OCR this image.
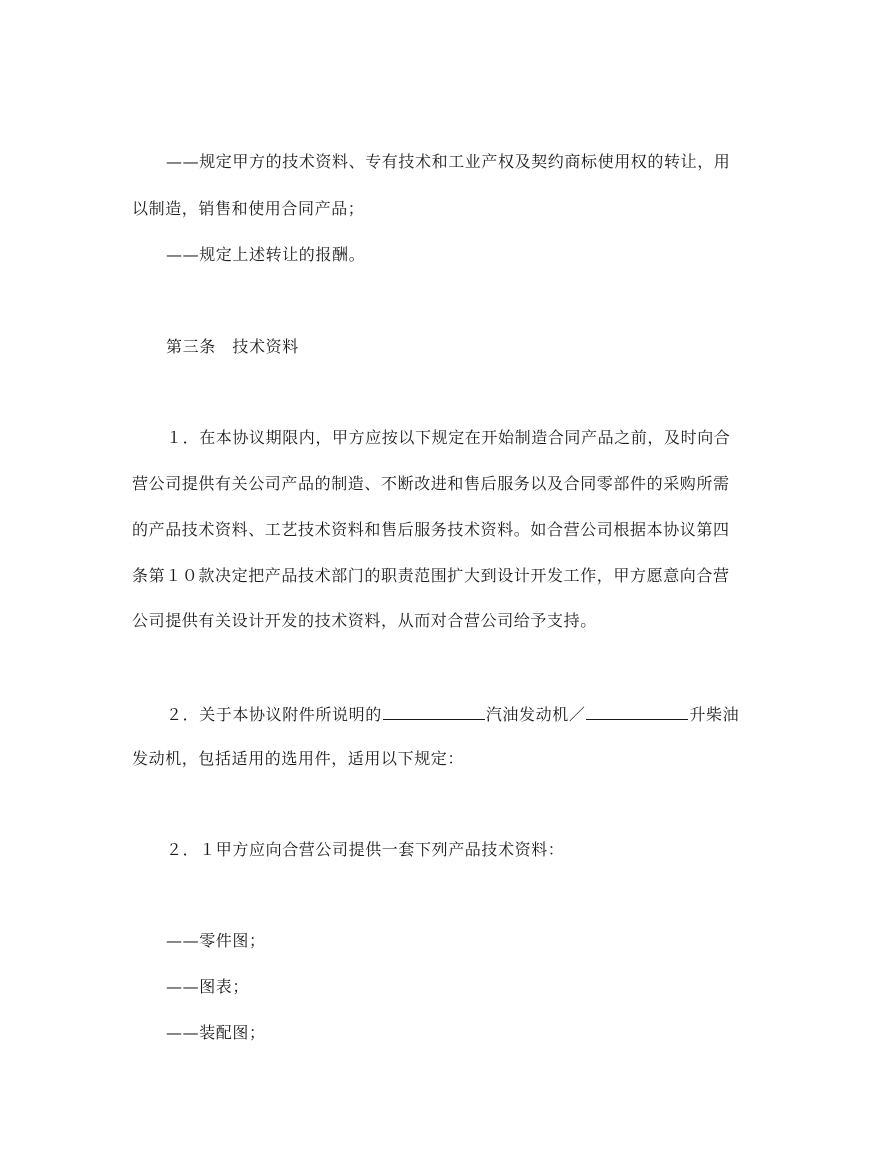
——规定甲方的技术资料、专有技术和工业产权及契约商标使用权的转让，用
以制造，销售和使用合同产品；
——规定上述转让的报酬。
第三条　技术资料
１．在本协议期限内，甲方应按以下规定在开始制造合同产品之前，及时向合
营公司提供有关公司产品的制造、不断改进和售后服务以及合同零部件的采购所需
的产品技术资料、工艺技术资料和售后服务技术资料。如合营公司根据本协议第四
条第１０款决定把产品技术部门的职责范围扩大到设计开发工作，甲方愿意向合营
公司提供有关设计开发的技术资料，从而对合营公司给予支持。
２．关于本协议附件所说明的	汽油发动机／	升柴油
发动机，包括适用的选用件，适用以下规定：
２．１甲方应向合营公司提供一套下列产品技术资料：
——零件图；
——图表；
——装配图；
